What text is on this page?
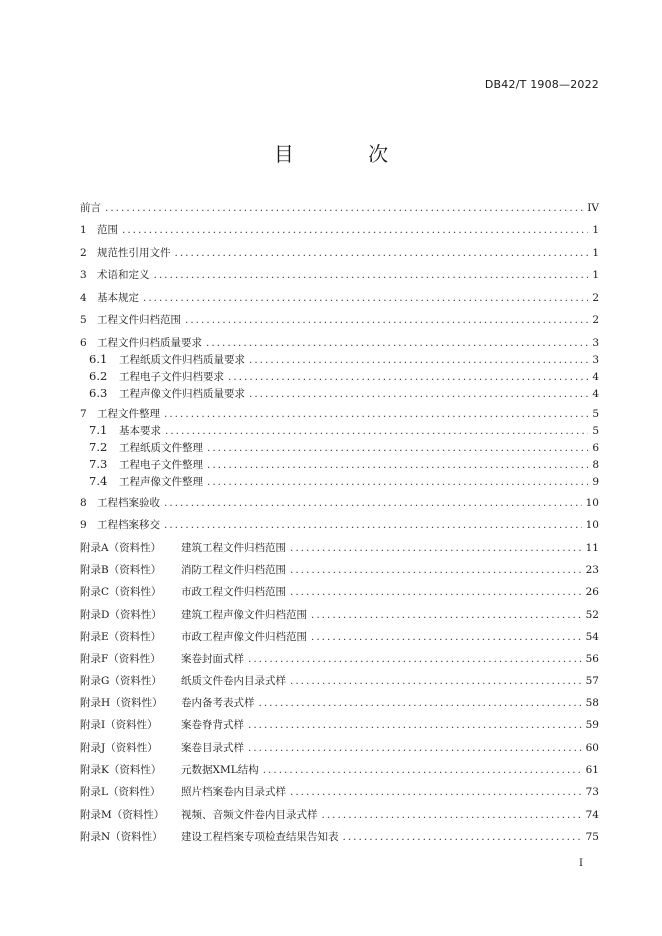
DB42/T 1908—2022
目 次
前言 .....	IV
1 范围 .....	1
2 规范性引用文件 .....	1
3 术语和定义 .....	1
4 基本规定 .....	2
5 工程文件归档范围 .....	2
6 工程文件归档质量要求 .....	3
6.1	工程纸质文件归档质量要求 .....	3
6.2	工程电子文件归档要求 .....	4
6.3	工程声像文件归档质量要求 .....	4
7 工程文件整理 .....	5
7.1	基本要求 .....	5
7.2	工程纸质文件整理 .....	6
7.3	工程电子文件整理 .....	8
7.4	工程声像文件整理 .....	9
8 工程档案验收 .....	10
9 工程档案移交 .....	10
附录A（资料性）	建筑工程文件归档范围 .....	11
附录B（资料性）	消防工程文件归档范围 .....	23
附录C（资料性）	市政工程文件归档范围 .....	26
附录D（资料性）	建筑工程声像文件归档范围 .....	52
附录E（资料性）	市政工程声像文件归档范围 .....	54
附录F（资料性）	案卷封面式样 .....	56
附录G（资料性）	纸质文件卷内目录式样 .....	57
附录H（资料性）	卷内备考表式样 .....	58
附录I（资料性）	案卷脊背式样 .....	59
附录J（资料性）	案卷目录式样 .....	60
附录K（资料性）	元数据XML结构 .....	61
附录L（资料性）	照片档案卷内目录式样 .....	73
附录M（资料性）	视频、音频文件卷内目录式样 .....	74
附录N（资料性）	建设工程档案专项检查结果告知表 .....	75
I
